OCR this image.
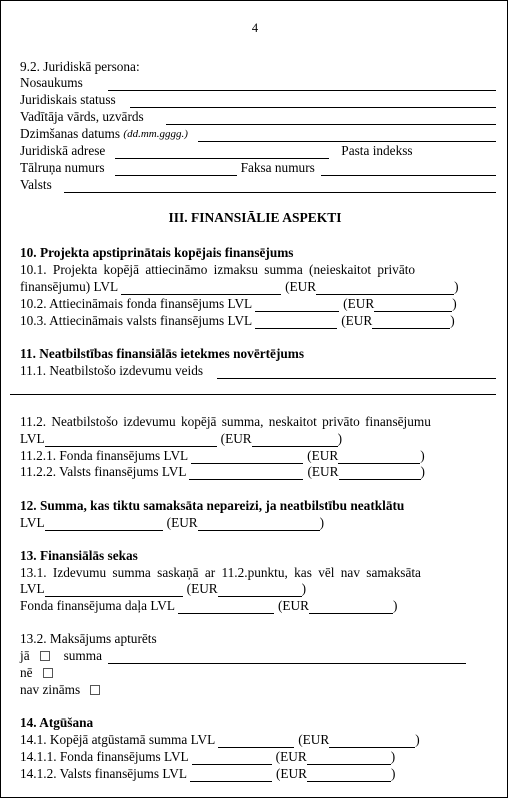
4
9.2. Juridiskā persona:
Nosaukums
Juridiskais statuss
Vadītāja vārds, uzvārds
Dzimšanas datums
(dd.mm.gggg.)
Juridiskā adrese	Pasta indekss
Tālruņa numurs	Faksa numurs
Valsts
III. FINANSIĀLIE ASPEKTI
10. Projekta apstiprinātais kopējais finansējums
10.1. Projekta kopējā attiecināmo izmaksu summa (neieskaitot privāto
finansējumu) LVL	(EUR	)
10.2. Attiecināmais fonda finansējums LVL	(EUR	)
10.3. Attiecināmais valsts finansējums LVL	(EUR	)
11. Neatbilstības finansiālās ietekmes novērtējums
11.1. Neatbilstošo izdevumu veids
11.2. Neatbilstošo izdevumu kopējā summa, neskaitot privāto finansējumu
LVL	(EUR	)
11.2.1. Fonda finansējums LVL	(EUR	)
11.2.2. Valsts finansējums LVL	(EUR	)
12. Summa, kas tiktu samaksāta nepareizi, ja neatbilstību neatklātu
LVL	(EUR	)
13. Finansiālās sekas
13.1. Izdevumu summa saskaņā ar 11.2.punktu, kas vēl nav samaksāta
LVL	(EUR	)
Fonda finansējuma daļa LVL	(EUR	)
13.2. Maksājums apturēts
jā	summa
nē
nav zināms
14. Atgūšana
14.1. Kopējā atgūstamā summa LVL	(EUR	)
14.1.1. Fonda finansējums LVL	(EUR	)
14.1.2. Valsts finansējums LVL	(EUR	)
